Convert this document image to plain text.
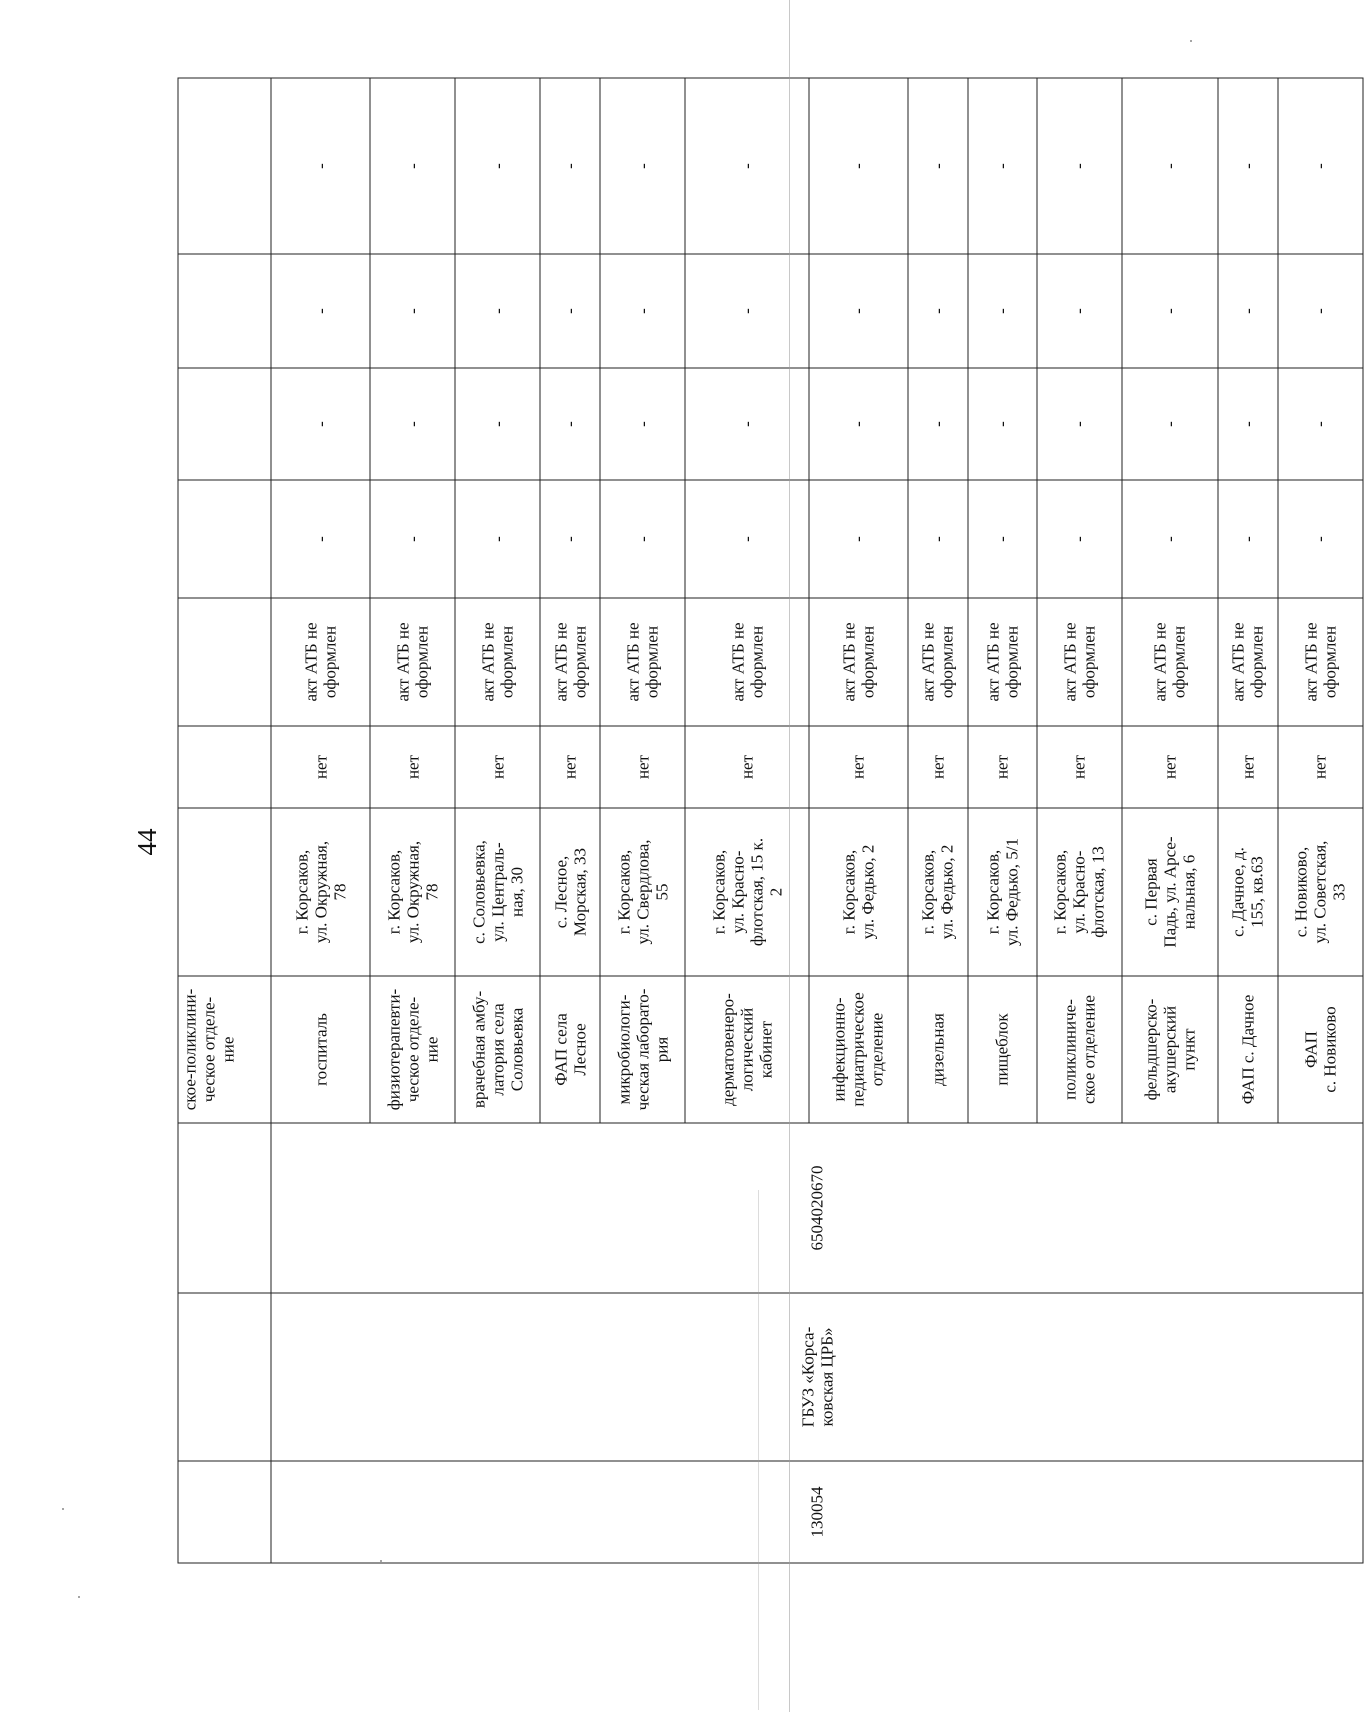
44
			ское-поликлини-
ческое отделе-
ние							
130054	ГБУЗ «Корса-
ковская ЦРБ»	6504020670	госпиталь	г. Корсаков,
ул. Окружная,
78	нет	акт АТБ не
оформлен	-	-	-	-
			физиотерапевти-
ческое отделе-
ние	г. Корсаков,
ул. Окружная,
78	нет	акт АТБ не
оформлен	-	-	-	-
			врачебная амбу-
латория села
Соловьевка	с. Соловьевка,
ул. Централь-
ная, 30	нет	акт АТБ не
оформлен	-	-	-	-
			ФАП села
Лесное	с. Лесное,
Морская, 33	нет	акт АТБ не
оформлен	-	-	-	-
			микробиологи-
ческая лаборато-
рия	г. Корсаков,
ул. Свердлова,
55	нет	акт АТБ не
оформлен	-	-	-	-
			дерматовенеро-
логический
кабинет	г. Корсаков,
ул. Красно-
флотская, 15 к.
2	нет	акт АТБ не
оформлен	-	-	-	-
			инфекционно-
педиатрическое
отделение	г. Корсаков,
ул. Федько, 2	нет	акт АТБ не
оформлен	-	-	-	-
			дизельная	г. Корсаков,
ул. Федько, 2	нет	акт АТБ не
оформлен	-	-	-	-
			пищеблок	г. Корсаков,
ул. Федько, 5/1	нет	акт АТБ не
оформлен	-	-	-	-
			поликлиниче-
ское отделение	г. Корсаков,
ул. Красно-
флотская, 13	нет	акт АТБ не
оформлен	-	-	-	-
			фельдшерско-
акушерский
пункт	с. Первая
Падь, ул. Арсе-
нальная, 6	нет	акт АТБ не
оформлен	-	-	-	-
			ФАП с. Дачное	с. Дачное, д.
155, кв.63	нет	акт АТБ не
оформлен	-	-	-	-
			ФАП
с. Новиково	с. Новиково,
ул. Советская,
33	нет	акт АТБ не
оформлен	-	-	-	-
